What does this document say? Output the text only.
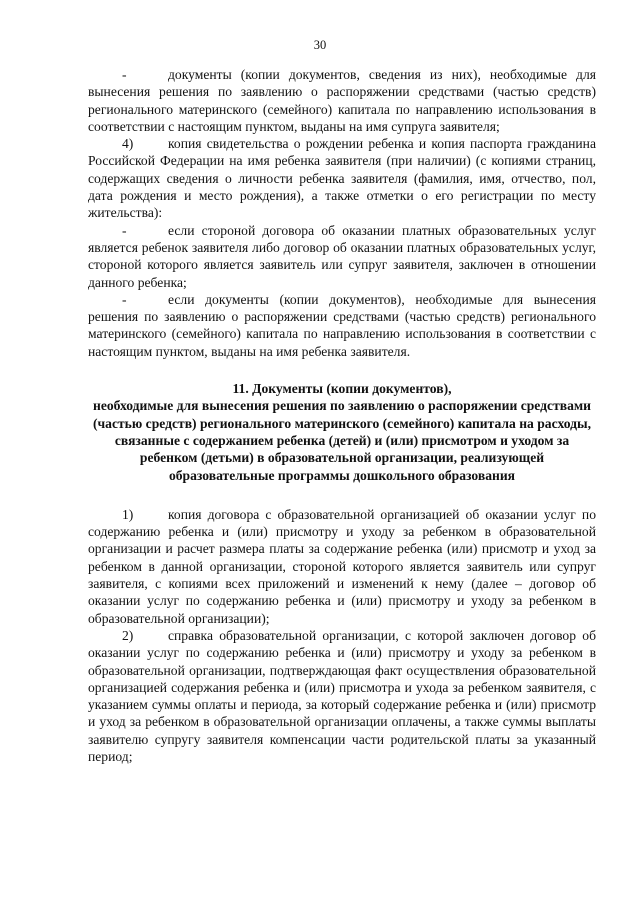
30

-	документы (копии документов, сведения из них), необходимые для вынесения решения по заявлению о распоряжении средствами (частью средств) регионального материнского (семейного) капитала по направлению использования в соответствии с настоящим пунктом, выданы на имя супруга заявителя;

4)	копия свидетельства о рождении ребенка и копия паспорта гражданина Российской Федерации на имя ребенка заявителя (при наличии) (с копиями страниц, содержащих сведения о личности ребенка заявителя (фамилия, имя, отчество, пол, дата рождения и место рождения), а также отметки о его регистрации по месту жительства):

-	если стороной договора об оказании платных образовательных услуг является ребенок заявителя либо договор об оказании платных образовательных услуг, стороной которого является заявитель или супруг заявителя, заключен в отношении данного ребенка;

-	если документы (копии документов), необходимые для вынесения решения по заявлению о распоряжении средствами (частью средств) регионального материнского (семейного) капитала по направлению использования в соответствии с настоящим пунктом, выданы на имя ребенка заявителя.

11. Документы (копии документов),
необходимые для вынесения решения по заявлению о распоряжении средствами (частью средств) регионального материнского (семейного) капитала на расходы, связанные с содержанием ребенка (детей) и (или) присмотром и уходом за ребенком (детьми) в образовательной организации, реализующей образовательные программы дошкольного образования

1)	копия договора с образовательной организацией об оказании услуг по содержанию ребенка и (или) присмотру и уходу за ребенком в образовательной организации и расчет размера платы за содержание ребенка (или) присмотр и уход за ребенком в данной организации, стороной которого является заявитель или супруг заявителя, с копиями всех приложений и изменений к нему (далее – договор об оказании услуг по содержанию ребенка и (или) присмотру и уходу за ребенком в образовательной организации);

2)	справка образовательной организации, с которой заключен договор об оказании услуг по содержанию ребенка и (или) присмотру и уходу за ребенком в образовательной организации, подтверждающая факт осуществления образовательной организацией содержания ребенка и (или) присмотра и ухода за ребенком заявителя, с указанием суммы оплаты и периода, за который содержание ребенка и (или) присмотр и уход за ребенком в образовательной организации оплачены, а также суммы выплаты заявителю супругу заявителя компенсации части родительской платы за указанный период;
